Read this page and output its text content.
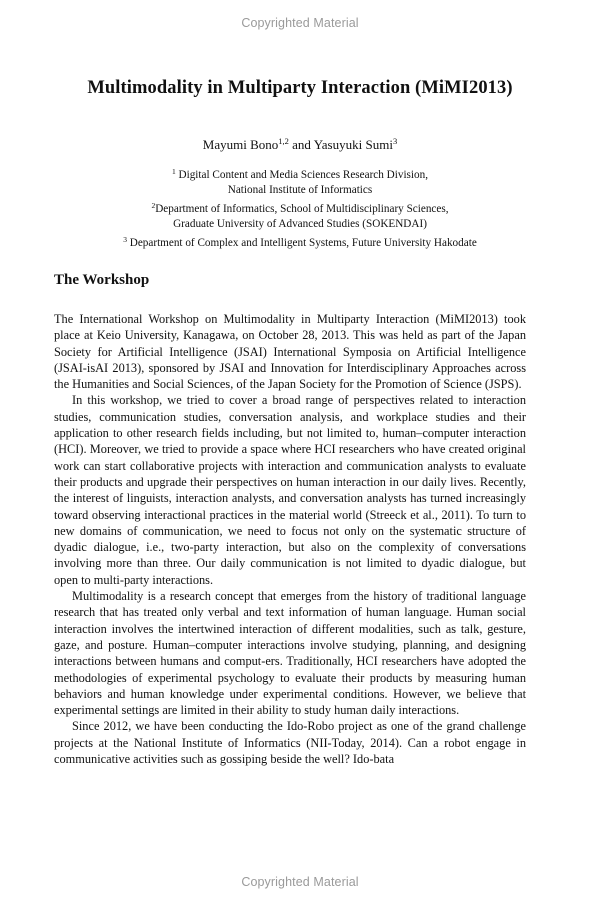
Copyrighted Material
Multimodality in Multiparty Interaction (MiMI2013)
Mayumi Bono$^{1,2}$ and Yasuyuki Sumi$^3$
$^1$ Digital Content and Media Sciences Research Division,
National Institute of Informatics
$^2$Department of Informatics, School of Multidisciplinary Sciences,
Graduate University of Advanced Studies (SOKENDAI)
$^3$ Department of Complex and Intelligent Systems, Future University Hakodate
The Workshop

The International Workshop on Multimodality in Multiparty Interaction (MiMI2013) took place at Keio University, Kanagawa, on October 28, 2013. This was held as part of the Japan Society for Artificial Intelligence (JSAI) International Symposia on Artificial Intelligence (JSAI-isAI 2013), sponsored by JSAI and Innovation for Interdisciplinary Approaches across the Humanities and Social Sciences, of the Japan Society for the Promotion of Science (JSPS).

In this workshop, we tried to cover a broad range of perspectives related to interaction studies, communication studies, conversation analysis, and workplace studies and their application to other research fields including, but not limited to, human–computer interaction (HCI). Moreover, we tried to provide a space where HCI researchers who have created original work can start collaborative projects with interaction and communication analysts to evaluate their products and upgrade their perspectives on human interaction in our daily lives. Recently, the interest of linguists, interaction analysts, and conversation analysts has turned increasingly toward observing interactional practices in the material world (Streeck et al., 2011). To turn to new domains of communication, we need to focus not only on the systematic structure of dyadic dialogue, i.e., two-party interaction, but also on the complexity of conversations involving more than three. Our daily communication is not limited to dyadic dialogue, but open to multi-party interactions.

Multimodality is a research concept that emerges from the history of traditional language research that has treated only verbal and text information of human language. Human social interaction involves the intertwined interaction of different modalities, such as talk, gesture, gaze, and posture. Human–computer interactions involve studying, planning, and designing interactions between humans and comput-ers. Traditionally, HCI researchers have adopted the methodologies of experimental psychology to evaluate their products by measuring human behaviors and human knowledge under experimental conditions. However, we believe that experimental settings are limited in their ability to study human daily interactions.

Since 2012, we have been conducting the Ido-Robo project as one of the grand challenge projects at the National Institute of Informatics (NII-Today, 2014). Can a robot engage in communicative activities such as gossiping beside the well? Ido-bata

Copyrighted Material
